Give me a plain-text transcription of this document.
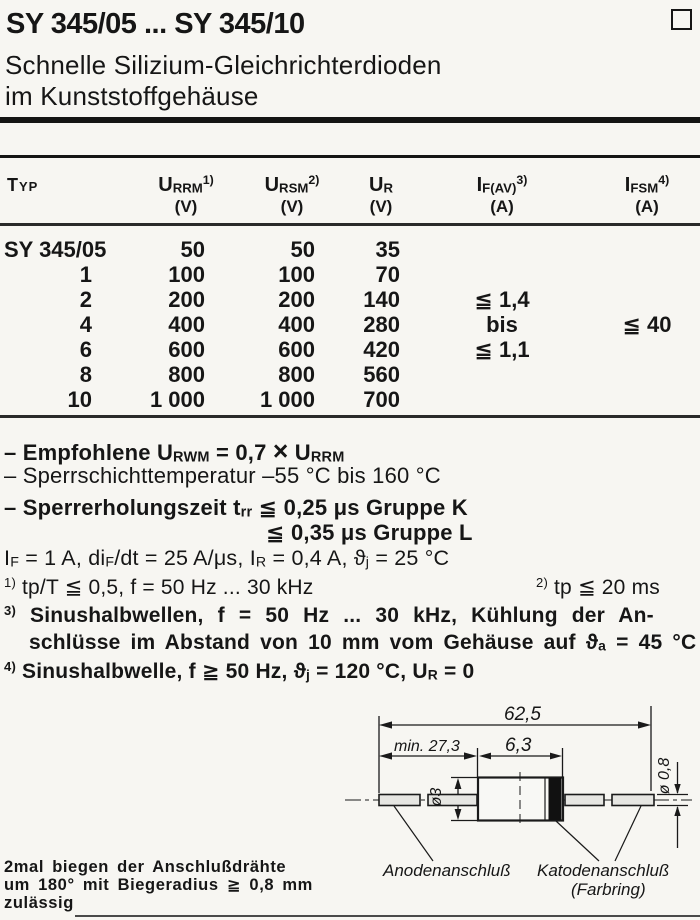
SY 345/05 ... SY 345/10
Schnelle Silizium-Gleichrichterdioden
im Kunststoffgehäuse
Typ	$U_{RRM}^{1)}$	$U_{RSM}^{2)}$	$U_R$	$I_{F(AV)}^{3)}$	$I_{FSM}^{4)}$
(V)	(V)	(V)	(A)	(A)
SY 345/05	50	50	35
1	100	100	70
2	200	200	140	≦ 1,4
4	400	400	280	bis	≦ 40
6	600	600	420	≦ 1,1
8	800	800	560
10	1 000	1 000	700
– Empfohlene $U_{RWM} = 0,7 \times U_{RRM}$
– Sperrschichttemperatur –55 °C bis 160 °C
– Sperrerholungszeit $t_{rr}$ ≦ 0,25 μs Gruppe K
≦ 0,35 μs Gruppe L
$I_F = 1$ A, $di_F/dt = 25$ A/μs, $I_R = 0,4$ A, $ϑ_j = 25$ °C
$^{1)}$ tp/T ≦ 0,5, f = 50 Hz ... 30 kHz	$^{2)}$ tp ≦ 20 ms
$^{3)}$ Sinushalbwellen, f = 50 Hz ... 30 kHz, Kühlung der An-
schlüsse im Abstand von 10 mm vom Gehäuse auf $ϑ_a = 45$ °C
$^{4)}$ Sinushalbwelle, f ≧ 50 Hz, $ϑ_j = 120$ °C, $U_R = 0$
62,5
min. 27,3 6,3
ø3
ø 0,8
Anodenanschluß Katodenanschluß
(Farbring)
2mal biegen der Anschlußdrähte
um 180° mit Biegeradius ≧ 0,8 mm
zulässig
